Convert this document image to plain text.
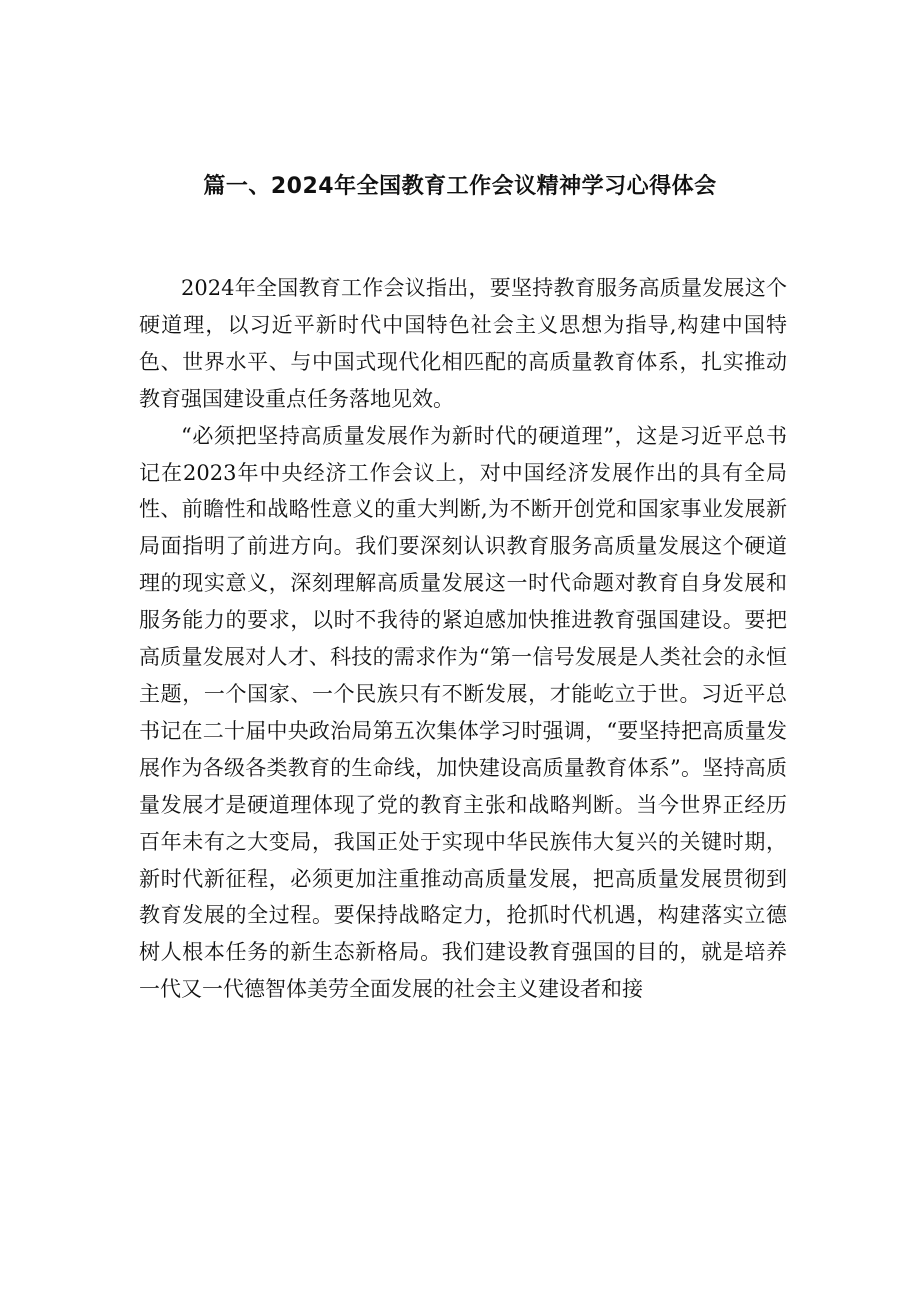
篇一、2024年全国教育工作会议精神学习心得体会

2024年全国教育工作会议指出，要坚持教育服务高质量发展这个硬道理，以习近平新时代中国特色社会主义思想为指导,构建中国特色、世界水平、与中国式现代化相匹配的高质量教育体系，扎实推动教育强国建设重点任务落地见效。

“必须把坚持高质量发展作为新时代的硬道理”，这是习近平总书记在2023年中央经济工作会议上，对中国经济发展作出的具有全局性、前瞻性和战略性意义的重大判断,为不断开创党和国家事业发展新局面指明了前进方向。我们要深刻认识教育服务高质量发展这个硬道理的现实意义，深刻理解高质量发展这一时代命题对教育自身发展和服务能力的要求，以时不我待的紧迫感加快推进教育强国建设。要把高质量发展对人才、科技的需求作为“第一信号发展是人类社会的永恒主题，一个国家、一个民族只有不断发展，才能屹立于世。习近平总书记在二十届中央政治局第五次集体学习时强调，“要坚持把高质量发展作为各级各类教育的生命线，加快建设高质量教育体系”。坚持高质量发展才是硬道理体现了党的教育主张和战略判断。当今世界正经历百年未有之大变局，我国正处于实现中华民族伟大复兴的关键时期，新时代新征程，必须更加注重推动高质量发展，把高质量发展贯彻到教育发展的全过程。要保持战略定力，抢抓时代机遇，构建落实立德树人根本任务的新生态新格局。我们建设教育强国的目的，就是培养一代又一代德智体美劳全面发展的社会主义建设者和接
